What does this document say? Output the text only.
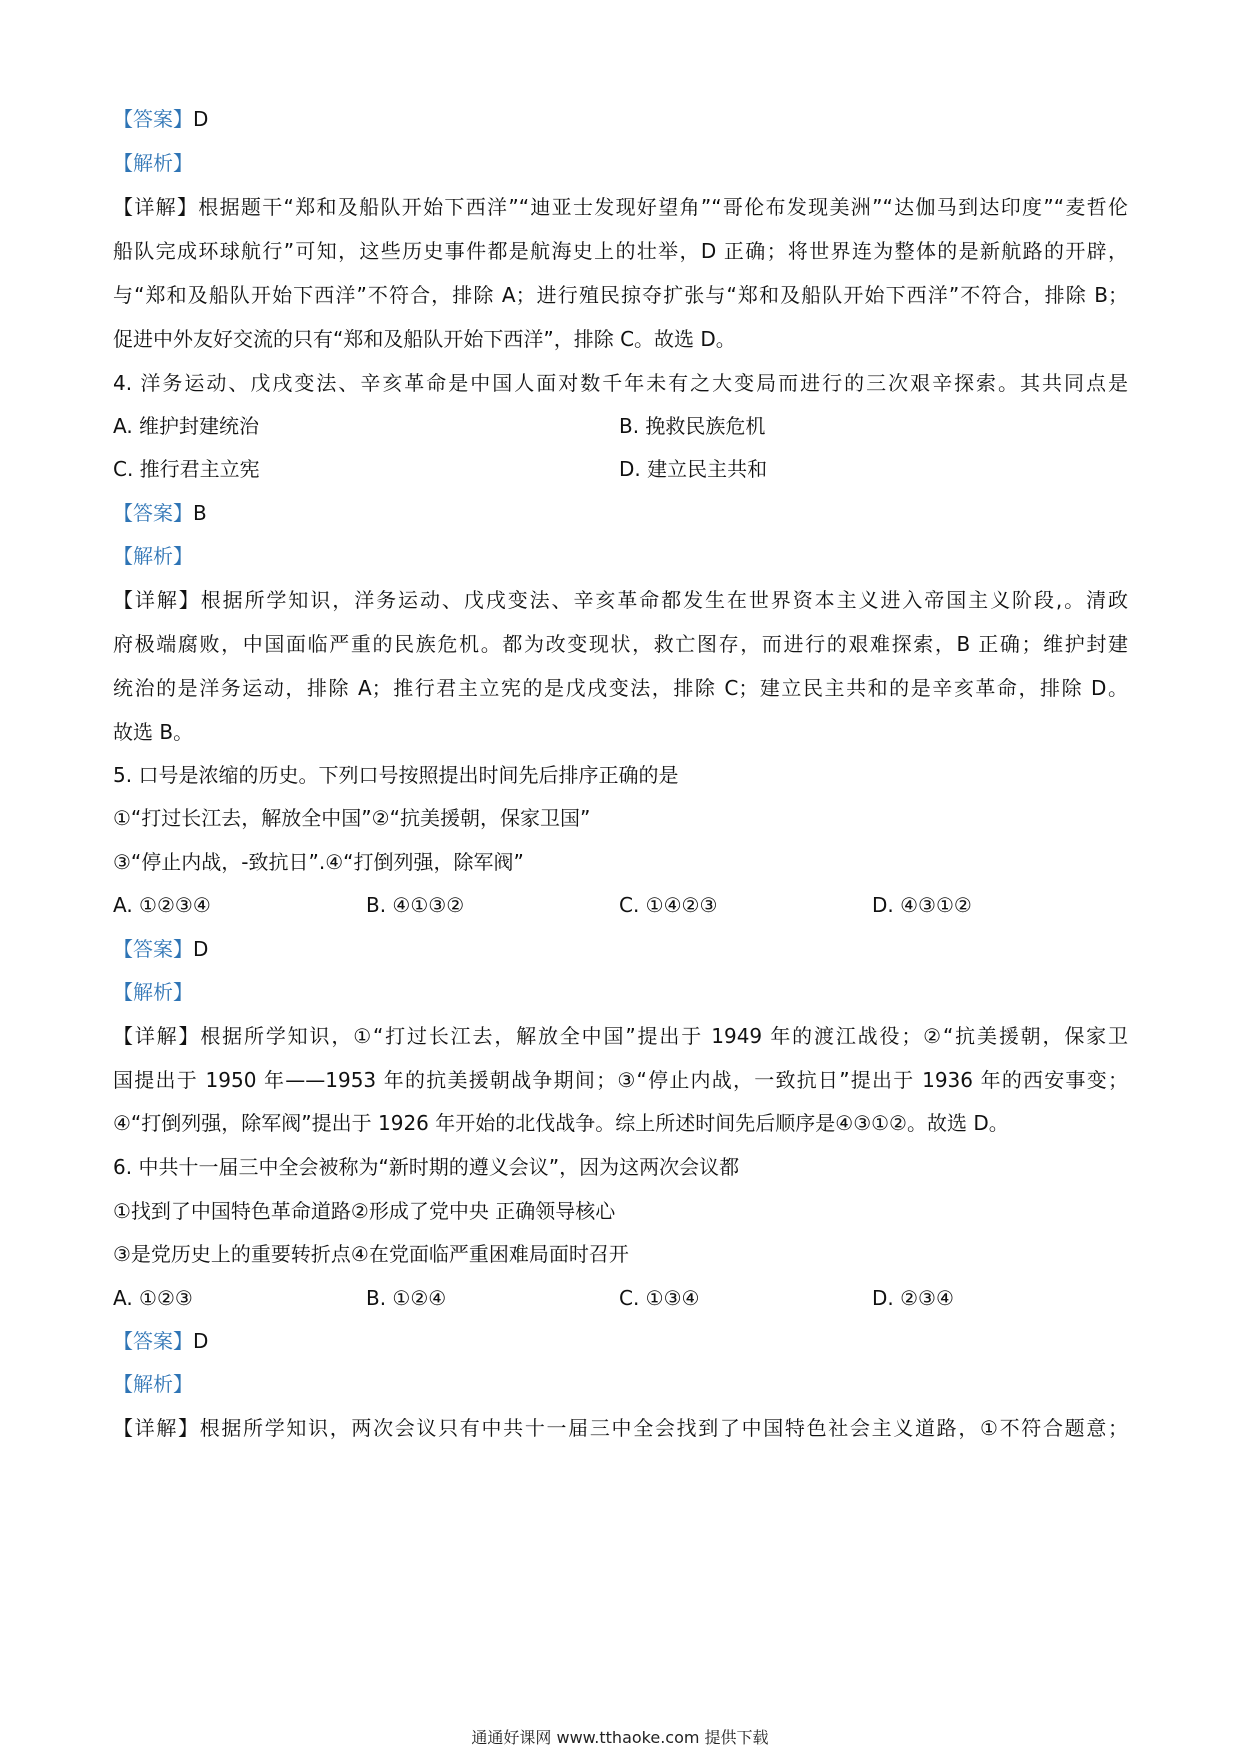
【答案】D
【解析】
【详解】根据题干“郑和及船队开始下西洋”“迪亚士发现好望角”“哥伦布发现美洲”“达伽马到达印度”“麦哲伦
船队完成环球航行”可知，这些历史事件都是航海史上的壮举，D 正确；将世界连为整体的是新航路的开辟，
与“郑和及船队开始下西洋”不符合，排除 A；进行殖民掠夺扩张与“郑和及船队开始下西洋”不符合，排除 B；
促进中外友好交流的只有“郑和及船队开始下西洋”，排除 C。故选 D。
4. 洋务运动、戊戌变法、辛亥革命是中国人面对数千年未有之大变局而进行的三次艰辛探索。其共同点是
A. 维护封建统治	B. 挽救民族危机
C. 推行君主立宪	D. 建立民主共和
【答案】B
【解析】
【详解】根据所学知识，洋务运动、戊戌变法、辛亥革命都发生在世界资本主义进入帝国主义阶段,。清政
府极端腐败，中国面临严重的民族危机。都为改变现状，救亡图存，而进行的艰难探索，B 正确；维护封建
统治的是洋务运动，排除 A；推行君主立宪的是戊戌变法，排除 C；建立民主共和的是辛亥革命，排除 D。
故选 B。
5. 口号是浓缩的历史。下列口号按照提出时间先后排序正确的是
①“打过长江去，解放全中国”②“抗美援朝，保家卫国”
③“停止内战，-致抗日”.④“打倒列强，除军阀”
A. ①②③④	B. ④①③②	C. ①④②③	D. ④③①②
【答案】D
【解析】
【详解】根据所学知识，①“打过长江去，解放全中国”提出于 1949 年的渡江战役；②“抗美援朝，保家卫
国提出于 1950 年——1953 年的抗美援朝战争期间；③“停止内战，一致抗日”提出于 1936 年的西安事变；
④“打倒列强，除军阀”提出于 1926 年开始的北伐战争。综上所述时间先后顺序是④③①②。故选 D。
6. 中共十一届三中全会被称为“新时期的遵义会议”，因为这两次会议都
①找到了中国特色革命道路②形成了党中央 正确领导核心
③是党历史上的重要转折点④在党面临严重困难局面时召开
A. ①②③	B. ①②④	C. ①③④	D. ②③④
【答案】D
【解析】
【详解】根据所学知识，两次会议只有中共十一届三中全会找到了中国特色社会主义道路，①不符合题意；
通通好课网 www.tthaoke.com 提供下载
